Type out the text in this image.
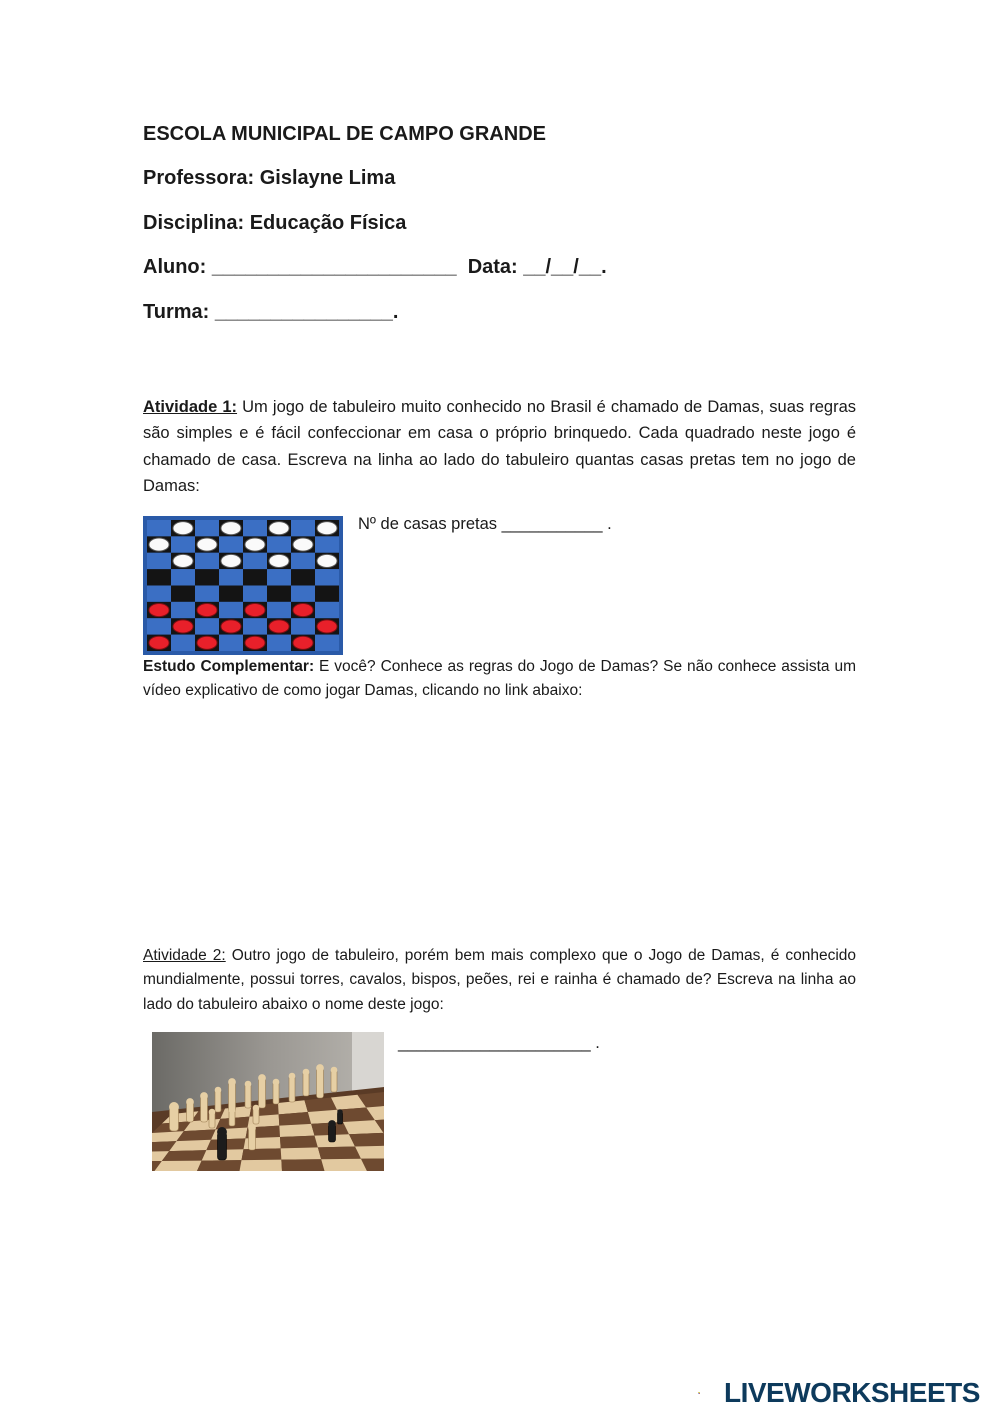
ESCOLA MUNICIPAL DE CAMPO GRANDE
Professora: Gislayne Lima
Disciplina: Educação Física
Aluno: ______________________  Data: __/__/__.
Turma: ________________.
Atividade 1: Um jogo de tabuleiro muito conhecido no Brasil é chamado de Damas, suas regras são simples e é fácil confeccionar em casa o próprio brinquedo. Cada quadrado neste jogo é chamado de casa. Escreva na linha ao lado do tabuleiro quantas casas pretas tem no jogo de Damas:
Nº de casas pretas ___________ .
Estudo Complementar: E você? Conhece as regras do Jogo de Damas? Se não conhece assista um vídeo explicativo de como jogar Damas, clicando no link abaixo:
Atividade 2: Outro jogo de tabuleiro, porém bem mais complexo que o Jogo de Damas, é conhecido mundialmente, possui torres, cavalos, bispos, peões, rei e rainha é chamado de? Escreva na linha ao lado do tabuleiro abaixo o nome deste jogo:
_____________________ .
LIVEWORKSHEETS
